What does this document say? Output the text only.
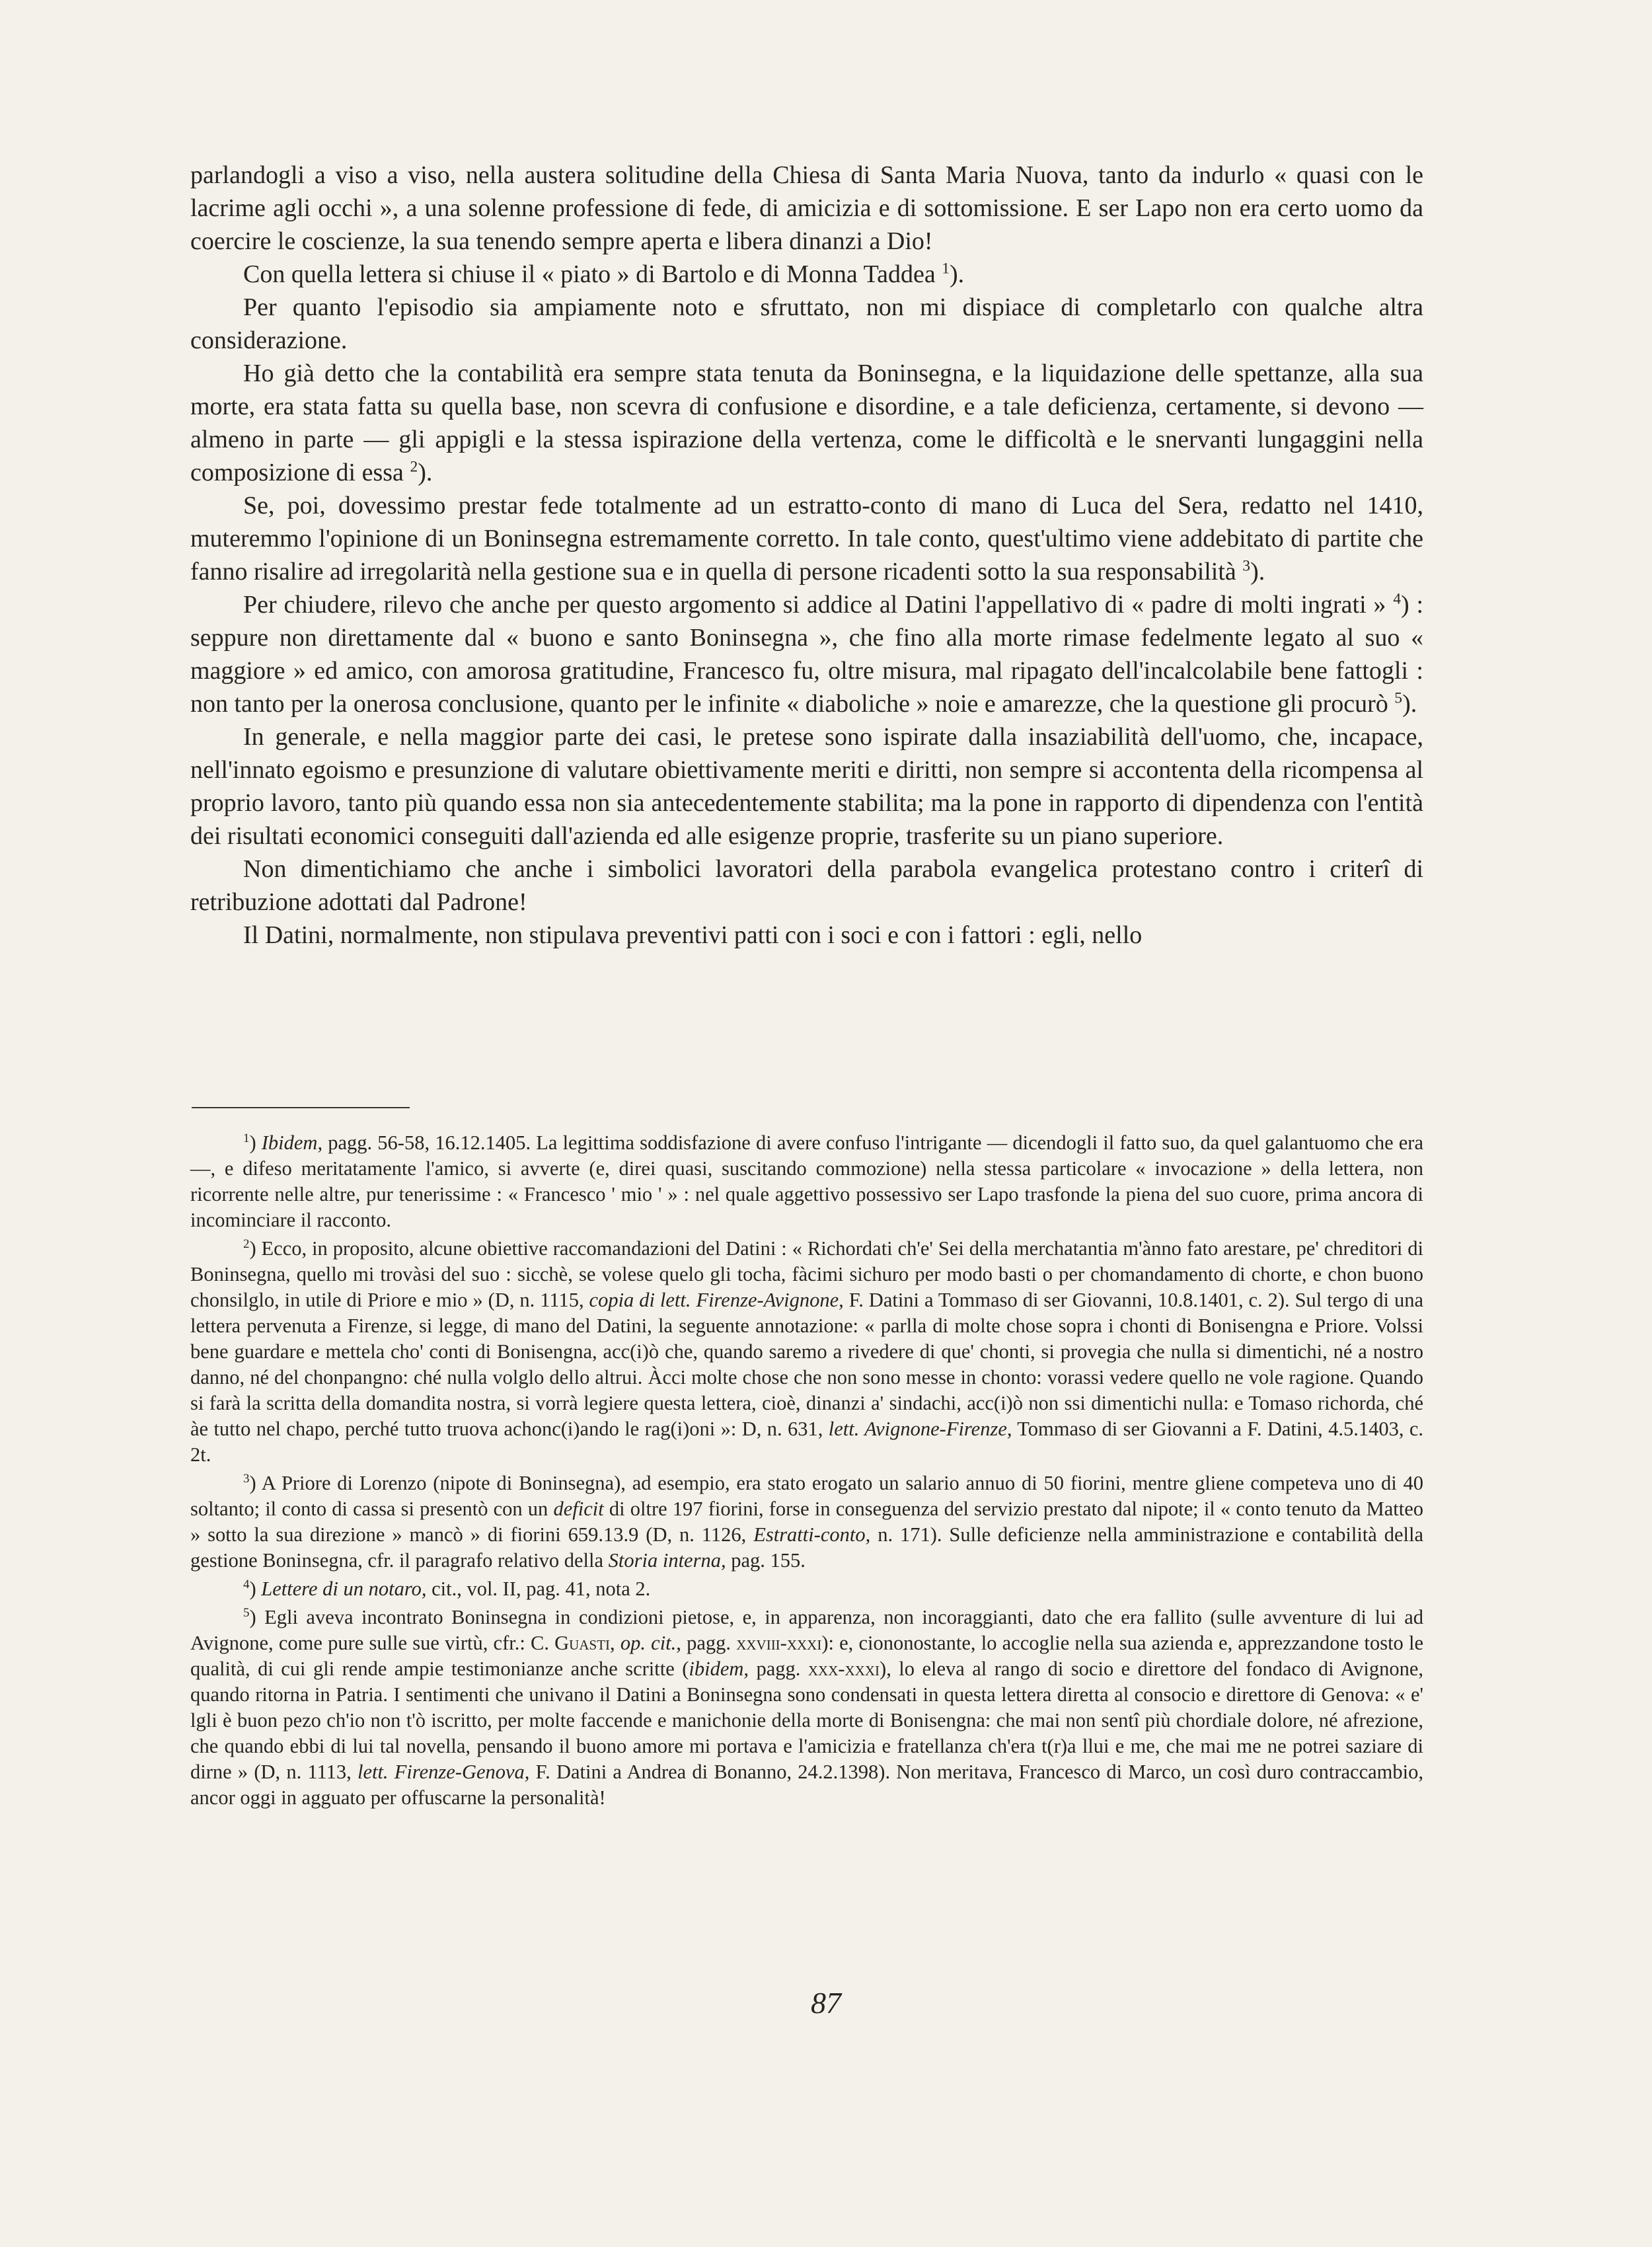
parlandogli a viso a viso, nella austera solitudine della Chiesa di Santa Maria Nuova, tanto da indurlo « quasi con le lacrime agli occhi », a una solenne professione di fede, di amicizia e di sottomissione. E ser Lapo non era certo uomo da coercire le coscienze, la sua tenendo sempre aperta e libera dinanzi a Dio!

Con quella lettera si chiuse il « piato » di Bartolo e di Monna Taddea $^1$).

Per quanto l'episodio sia ampiamente noto e sfruttato, non mi dispiace di completarlo con qualche altra considerazione.

Ho già detto che la contabilità era sempre stata tenuta da Boninsegna, e la liquidazione delle spettanze, alla sua morte, era stata fatta su quella base, non scevra di confusione e disordine, e a tale deficienza, certamente, si devono — almeno in parte — gli appigli e la stessa ispirazione della vertenza, come le difficoltà e le snervanti lungaggini nella composizione di essa $^2$).

Se, poi, dovessimo prestar fede totalmente ad un estratto-conto di mano di Luca del Sera, redatto nel 1410, muteremmo l'opinione di un Boninsegna estremamente corretto. In tale conto, quest'ultimo viene addebitato di partite che fanno risalire ad irregolarità nella gestione sua e in quella di persone ricadenti sotto la sua responsabilità $^3$).

Per chiudere, rilevo che anche per questo argomento si addice al Datini l'appellativo di « padre di molti ingrati » $^4$) : seppure non direttamente dal « buono e santo Boninsegna », che fino alla morte rimase fedelmente legato al suo « maggiore » ed amico, con amorosa gratitudine, Francesco fu, oltre misura, mal ripagato dell'incalcolabile bene fattogli : non tanto per la onerosa conclusione, quanto per le infinite « diaboliche » noie e amarezze, che la questione gli procurò $^5$).

In generale, e nella maggior parte dei casi, le pretese sono ispirate dalla insaziabilità dell'uomo, che, incapace, nell'innato egoismo e presunzione di valutare obiettivamente meriti e diritti, non sempre si accontenta della ricompensa al proprio lavoro, tanto più quando essa non sia antecedentemente stabilita; ma la pone in rapporto di dipendenza con l'entità dei risultati economici conseguiti dall'azienda ed alle esigenze proprie, trasferite su un piano superiore.

Non dimentichiamo che anche i simbolici lavoratori della parabola evangelica protestano contro i criterî di retribuzione adottati dal Padrone!

Il Datini, normalmente, non stipulava preventivi patti con i soci e con i fattori : egli, nello

$^1$) Ibidem, pagg. 56-58, 16.12.1405. La legittima soddisfazione di avere confuso l'intrigante — dicendogli il fatto suo, da quel galantuomo che era —, e difeso meritatamente l'amico, si avverte (e, direi quasi, suscitando commozione) nella stessa particolare « invocazione » della lettera, non ricorrente nelle altre, pur tenerissime : « Francesco ' mio ' » : nel quale aggettivo possessivo ser Lapo trasfonde la piena del suo cuore, prima ancora di incominciare il racconto.

$^2$) Ecco, in proposito, alcune obiettive raccomandazioni del Datini : « Richordati ch'e' Sei della merchatantia m'ànno fato arestare, pe' chreditori di Boninsegna, quello mi trovàsi del suo : sicchè, se volese quelo gli tocha, fàcimi sichuro per modo basti o per chomandamento di chorte, e chon buono chonsilglo, in utile di Priore e mio » (D, n. 1115, copia di lett. Firenze-Avignone, F. Datini a Tommaso di ser Giovanni, 10.8.1401, c. 2). Sul tergo di una lettera pervenuta a Firenze, si legge, di mano del Datini, la seguente annotazione: « parlla di molte chose sopra i chonti di Bonisengna e Priore. Volssi bene guardare e mettela cho' conti di Bonisengna, acc(i)ò che, quando saremo a rivedere di que' chonti, si provegia che nulla si dimentichi, né a nostro danno, né del chonpangno: ché nulla volglo dello altrui. Àcci molte chose che non sono messe in chonto: vorassi vedere quello ne vole ragione. Quando si farà la scritta della domandita nostra, si vorrà legiere questa lettera, cioè, dinanzi a' sindachi, acc(i)ò non ssi dimentichi nulla: e Tomaso richorda, ché àe tutto nel chapo, perché tutto truova achonc(i)ando le rag(i)oni »: D, n. 631, lett. Avignone-Firenze, Tommaso di ser Giovanni a F. Datini, 4.5.1403, c. 2t.

$^3$) A Priore di Lorenzo (nipote di Boninsegna), ad esempio, era stato erogato un salario annuo di 50 fiorini, mentre gliene competeva uno di 40 soltanto; il conto di cassa si presentò con un deficit di oltre 197 fiorini, forse in conseguenza del servizio prestato dal nipote; il « conto tenuto da Matteo » sotto la sua direzione » mancò » di fiorini 659.13.9 (D, n. 1126, Estratti-conto, n. 171). Sulle deficienze nella amministrazione e contabilità della gestione Boninsegna, cfr. il paragrafo relativo della Storia interna, pag. 155.

$^4$) Lettere di un notaro, cit., vol. II, pag. 41, nota 2.

$^5$) Egli aveva incontrato Boninsegna in condizioni pietose, e, in apparenza, non incoraggianti, dato che era fallito (sulle avventure di lui ad Avignone, come pure sulle sue virtù, cfr.: C. Guasti, op. cit., pagg. xxviii-xxxi): e, ciononostante, lo accoglie nella sua azienda e, apprezzandone tosto le qualità, di cui gli rende ampie testimonianze anche scritte (ibidem, pagg. xxx-xxxi), lo eleva al rango di socio e direttore del fondaco di Avignone, quando ritorna in Patria. I sentimenti che univano il Datini a Boninsegna sono condensati in questa lettera diretta al consocio e direttore di Genova: « e' lgli è buon pezo ch'io non t'ò iscritto, per molte faccende e manichonie della morte di Bonisengna: che mai non sentî più chordiale dolore, né afrezione, che quando ebbi di lui tal novella, pensando il buono amore mi portava e l'amicizia e fratellanza ch'era t(r)a llui e me, che mai me ne potrei saziare di dirne » (D, n. 1113, lett. Firenze-Genova, F. Datini a Andrea di Bonanno, 24.2.1398). Non meritava, Francesco di Marco, un così duro contraccambio, ancor oggi in agguato per offuscarne la personalità!

87
